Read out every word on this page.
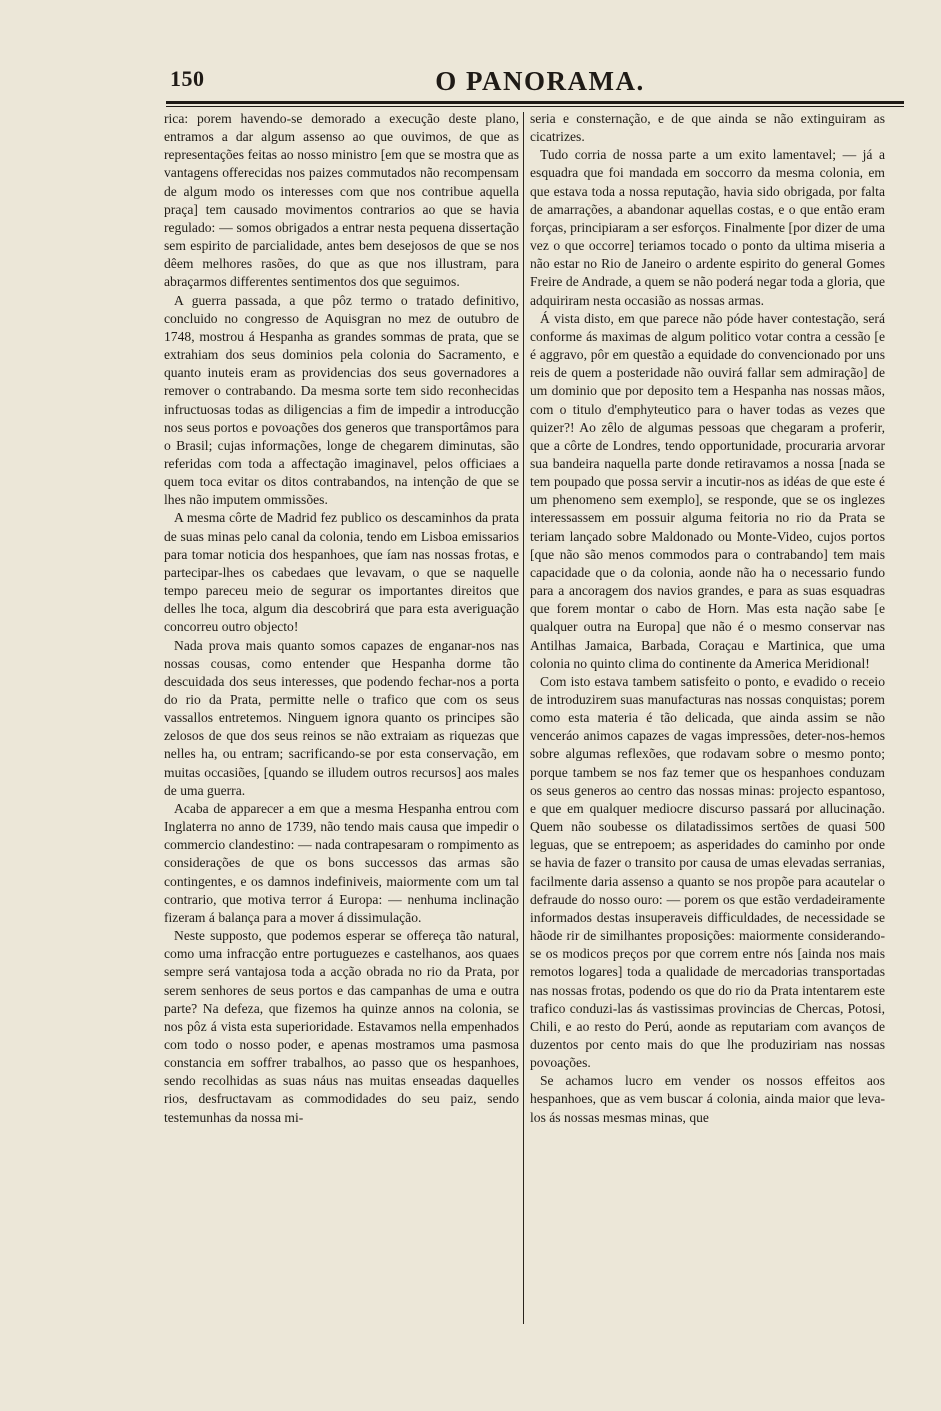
150	O PANORAMA.

rica: porem havendo-se demorado a execução deste plano, entramos a dar algum assenso ao que ouvimos, de que as representações feitas ao nosso ministro [em que se mostra que as vantagens offerecidas nos paizes commutados não recompensam de algum modo os interesses com que nos contribue aquella praça] tem causado movimentos contrarios ao que se havia regulado: — somos obrigados a entrar nesta pequena dissertação sem espirito de parcialidade, antes bem desejosos de que se nos dêem melhores rasões, do que as que nos illustram, para abraçarmos differentes sentimentos dos que seguimos.

A guerra passada, a que pôz termo o tratado definitivo, concluido no congresso de Aquisgran no mez de outubro de 1748, mostrou á Hespanha as grandes sommas de prata, que se extrahiam dos seus dominios pela colonia do Sacramento, e quanto inuteis eram as providencias dos seus governadores a remover o contrabando. Da mesma sorte tem sido reconhecidas infructuosas todas as diligencias a fim de impedir a introducção nos seus portos e povoações dos generos que transportâmos para o Brasil; cujas informações, longe de chegarem diminutas, são referidas com toda a affectação imaginavel, pelos officiaes a quem toca evitar os ditos contrabandos, na intenção de que se lhes não imputem ommissões.

A mesma côrte de Madrid fez publico os descaminhos da prata de suas minas pelo canal da colonia, tendo em Lisboa emissarios para tomar noticia dos hespanhoes, que íam nas nossas frotas, e partecipar-lhes os cabedaes que levavam, o que se naquelle tempo pareceu meio de segurar os importantes direitos que delles lhe toca, algum dia descobrirá que para esta averiguação concorreu outro objecto!

Nada prova mais quanto somos capazes de enganar-nos nas nossas cousas, como entender que Hespanha dorme tão descuidada dos seus interesses, que podendo fechar-nos a porta do rio da Prata, permitte nelle o trafico que com os seus vassallos entretemos. Ninguem ignora quanto os principes são zelosos de que dos seus reinos se não extraiam as riquezas que nelles ha, ou entram; sacrificando-se por esta conservação, em muitas occasiões, [quando se illudem outros recursos] aos males de uma guerra.

Acaba de apparecer a em que a mesma Hespanha entrou com Inglaterra no anno de 1739, não tendo mais causa que impedir o commercio clandestino: — nada contrapesaram o rompimento as considerações de que os bons successos das armas são contingentes, e os damnos indefiniveis, maiormente com um tal contrario, que motiva terror á Europa: — nenhuma inclinação fizeram á balança para a mover á dissimulação.

Neste supposto, que podemos esperar se offereça tão natural, como uma infracção entre portuguezes e castelhanos, aos quaes sempre será vantajosa toda a acção obrada no rio da Prata, por serem senhores de seus portos e das campanhas de uma e outra parte? Na defeza, que fizemos ha quinze annos na colonia, se nos pôz á vista esta superioridade. Estavamos nella empenhados com todo o nosso poder, e apenas mostramos uma pasmosa constancia em soffrer trabalhos, ao passo que os hespanhoes, sendo recolhidas as suas náus nas muitas enseadas daquelles rios, desfructavam as commodidades do seu paiz, sendo testemunhas da nossa mi-

seria e consternação, e de que ainda se não extinguiram as cicatrizes.

Tudo corria de nossa parte a um exito lamentavel; — já a esquadra que foi mandada em soccorro da mesma colonia, em que estava toda a nossa reputação, havia sido obrigada, por falta de amarrações, a abandonar aquellas costas, e o que então eram forças, principiaram a ser esforços. Finalmente [por dizer de uma vez o que occorre] teriamos tocado o ponto da ultima miseria a não estar no Rio de Janeiro o ardente espirito do general Gomes Freire de Andrade, a quem se não poderá negar toda a gloria, que adquiriram nesta occasião as nossas armas.

Á vista disto, em que parece não póde haver contestação, será conforme ás maximas de algum politico votar contra a cessão [e é aggravo, pôr em questão a equidade do convencionado por uns reis de quem a posteridade não ouvirá fallar sem admiração] de um dominio que por deposito tem a Hespanha nas nossas mãos, com o titulo d'emphyteutico para o haver todas as vezes que quizer?! Ao zêlo de algumas pessoas que chegaram a proferir, que a côrte de Londres, tendo opportunidade, procuraria arvorar sua bandeira naquella parte donde retiravamos a nossa [nada se tem poupado que possa servir a incutir-nos as idéas de que este é um phenomeno sem exemplo], se responde, que se os inglezes interessassem em possuir alguma feitoria no rio da Prata se teriam lançado sobre Maldonado ou Monte-Video, cujos portos [que não são menos commodos para o contrabando] tem mais capacidade que o da colonia, aonde não ha o necessario fundo para a ancoragem dos navios grandes, e para as suas esquadras que forem montar o cabo de Horn. Mas esta nação sabe [e qualquer outra na Europa] que não é o mesmo conservar nas Antilhas Jamaica, Barbada, Coraçau e Martinica, que uma colonia no quinto clima do continente da America Meridional!

Com isto estava tambem satisfeito o ponto, e evadido o receio de introduzirem suas manufacturas nas nossas conquistas; porem como esta materia é tão delicada, que ainda assim se não venceráo animos capazes de vagas impressões, deter-nos-hemos sobre algumas reflexões, que rodavam sobre o mesmo ponto; porque tambem se nos faz temer que os hespanhoes conduzam os seus generos ao centro das nossas minas: projecto espantoso, e que em qualquer mediocre discurso passará por allucinação. Quem não soubesse os dilatadissimos sertões de quasi 500 leguas, que se entrepoem; as asperidades do caminho por onde se havia de fazer o transito por causa de umas elevadas serranias, facilmente daria assenso a quanto se nos propõe para acautelar o defraude do nosso ouro: — porem os que estão verdadeiramente informados destas insuperaveis difficuldades, de necessidade se hãode rir de similhantes proposições: maiormente considerando-se os modicos preços por que correm entre nós [ainda nos mais remotos logares] toda a qualidade de mercadorias transportadas nas nossas frotas, podendo os que do rio da Prata intentarem este trafico conduzi-las ás vastissimas provincias de Chercas, Potosi, Chili, e ao resto do Perú, aonde as reputariam com avanços de duzentos por cento mais do que lhe produziriam nas nossas povoações.

Se achamos lucro em vender os nossos effeitos aos hespanhoes, que as vem buscar á colonia, ainda maior que leva-los ás nossas mesmas minas, que
